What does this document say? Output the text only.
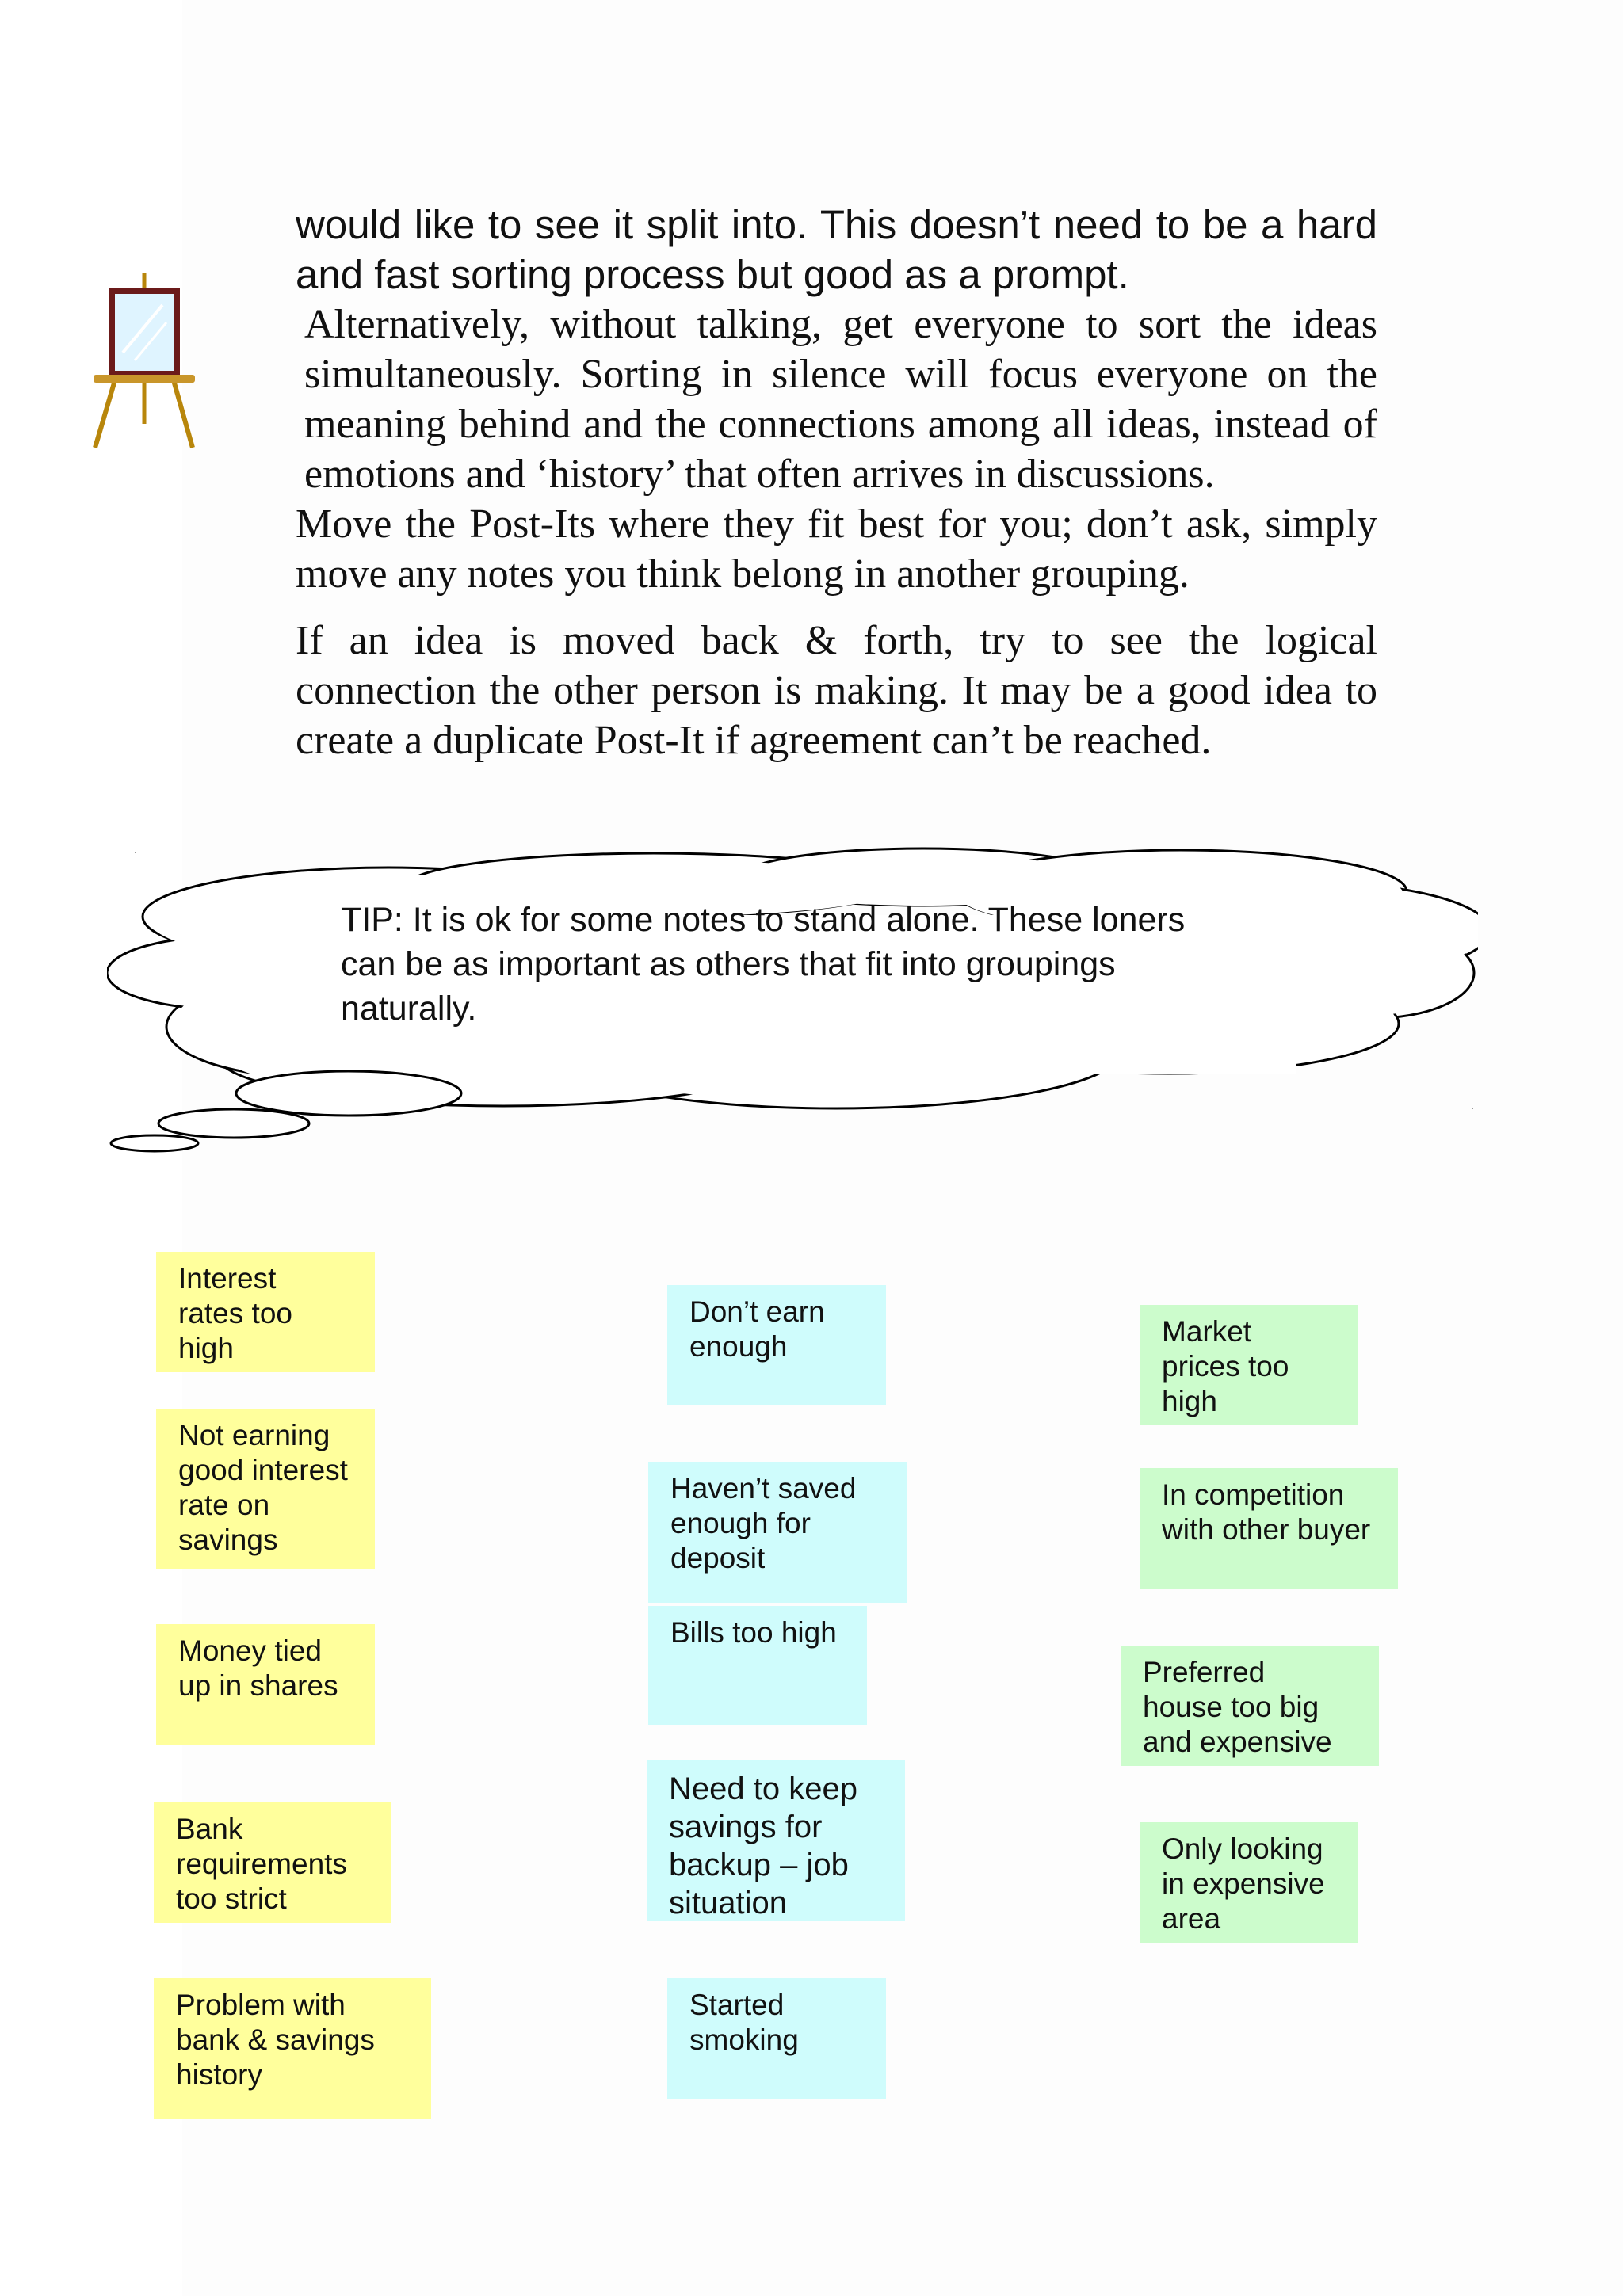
would like to see it split into. This doesn’t need to be a hard and fast sorting process but good as a prompt.

Alternatively, without talking, get everyone to sort the ideas simultaneously. Sorting in silence will focus everyone on the meaning behind and the connections among all ideas, instead of emotions and ‘history’ that often arrives in discussions.

Move the Post-Its where they fit best for you; don’t ask, simply move any notes you think belong in another grouping.

If an idea is moved back & forth, try to see the logical connection the other person is making. It may be a good idea to create a duplicate Post-It if agreement can’t be reached.

TIP: It is ok for some notes to stand alone. These loners can be as important as others that fit into groupings naturally.

Interest
rates too
high
Not earning
good interest
rate on
savings
Money tied
up in shares
Bank
requirements
too strict
Problem with
bank & savings
history
Don’t earn
enough
Haven’t saved
enough for
deposit
Bills too high
Need to keep
savings for
backup – job
situation
Started
smoking
Market
prices too
high
In competition
with other buyer
Preferred
house too big
and expensive
Only looking
in expensive
area
